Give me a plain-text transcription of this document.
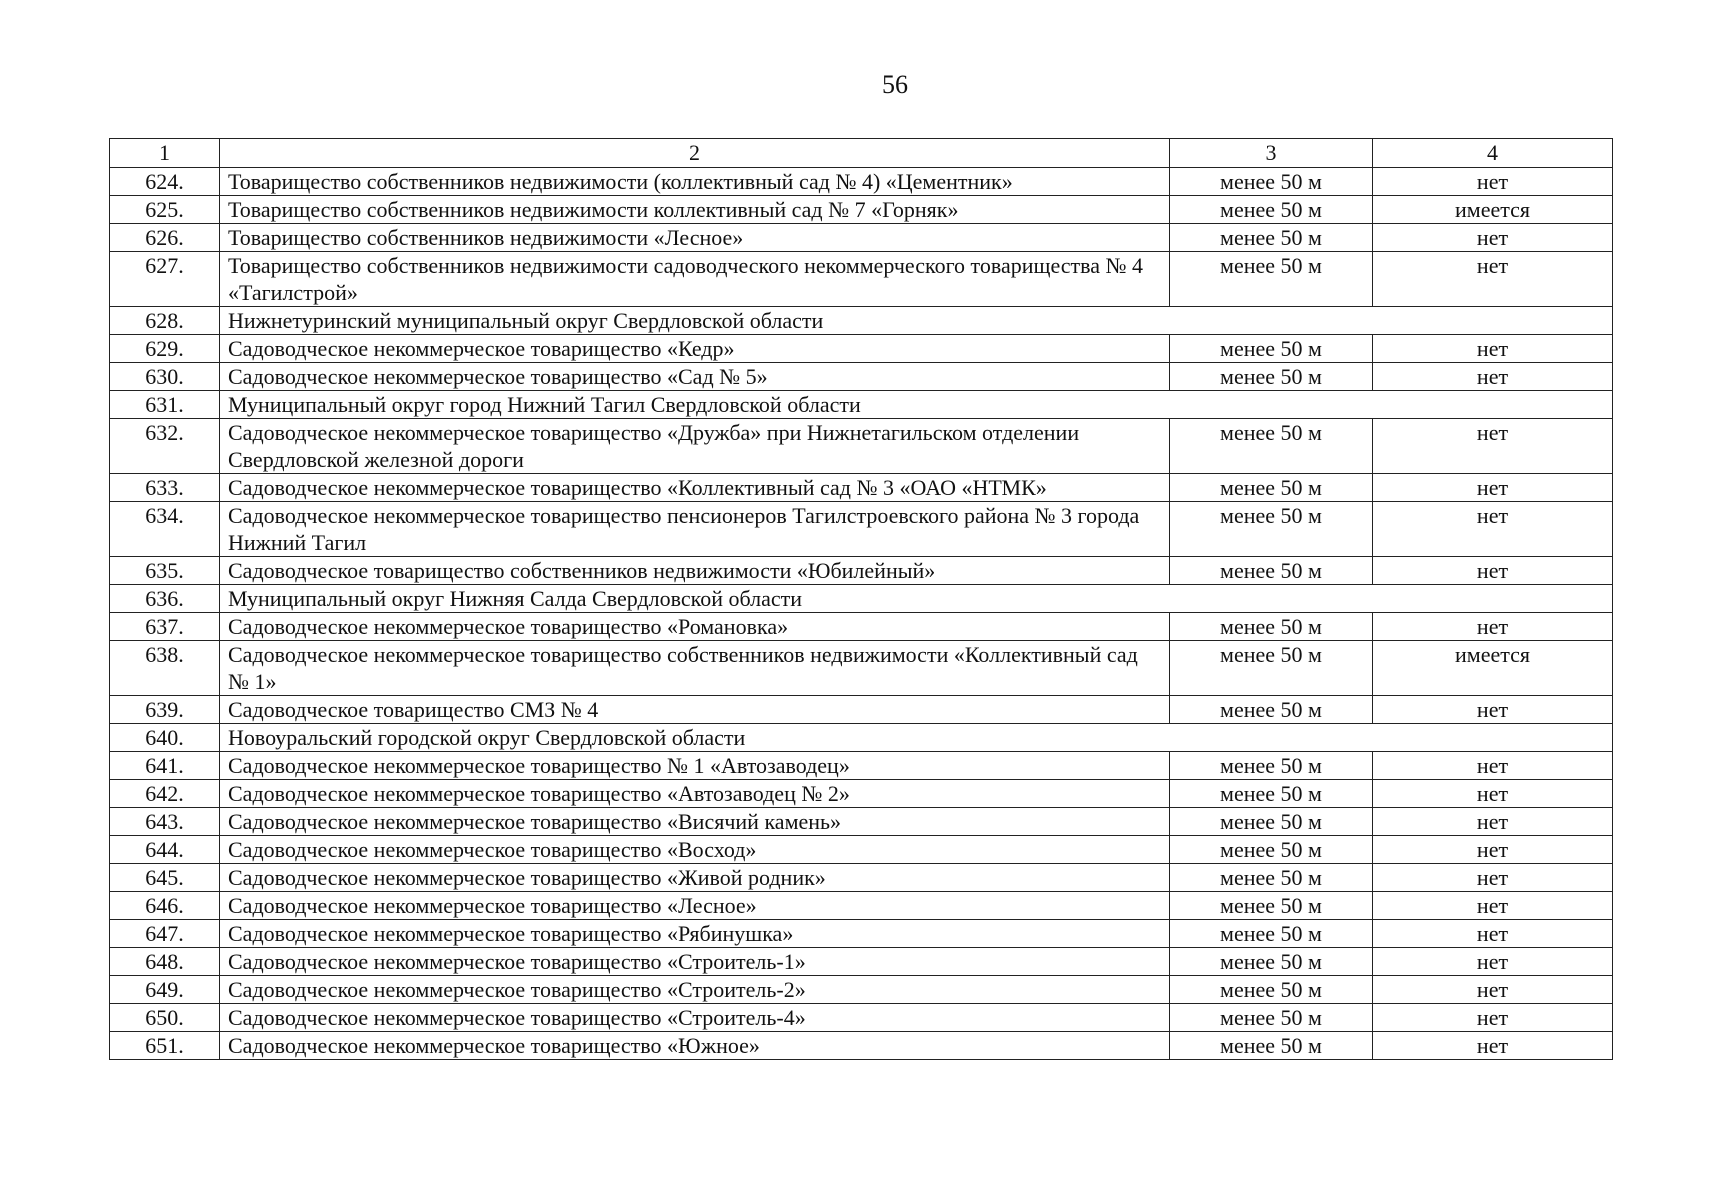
56
1	2	3	4
624.	Товарищество собственников недвижимости (коллективный сад № 4) «Цементник»	менее 50 м	нет
625.	Товарищество собственников недвижимости коллективный сад № 7 «Горняк»	менее 50 м	имеется
626.	Товарищество собственников недвижимости «Лесное»	менее 50 м	нет
627.	Товарищество собственников недвижимости садоводческого некоммерческого товарищества № 4 «Тагилстрой»	менее 50 м	нет
628.	Нижнетуринский муниципальный округ Свердловской области		
629.	Садоводческое некоммерческое товарищество «Кедр»	менее 50 м	нет
630.	Садоводческое некоммерческое товарищество «Сад № 5»	менее 50 м	нет
631.	Муниципальный округ город Нижний Тагил Свердловской области		
632.	Садоводческое некоммерческое товарищество «Дружба» при Нижнетагильском отделении Свердловской железной дороги	менее 50 м	нет
633.	Садоводческое некоммерческое товарищество «Коллективный сад № 3 «ОАО «НТМК»	менее 50 м	нет
634.	Садоводческое некоммерческое товарищество пенсионеров Тагилстроевского района № 3 города Нижний Тагил	менее 50 м	нет
635.	Садоводческое товарищество собственников недвижимости «Юбилейный»	менее 50 м	нет
636.	Муниципальный округ Нижняя Салда Свердловской области		
637.	Садоводческое некоммерческое товарищество «Романовка»	менее 50 м	нет
638.	Садоводческое некоммерческое товарищество собственников недвижимости «Коллективный сад № 1»	менее 50 м	имеется
639.	Садоводческое товарищество СМЗ № 4	менее 50 м	нет
640.	Новоуральский городской округ Свердловской области		
641.	Садоводческое некоммерческое товарищество № 1 «Автозаводец»	менее 50 м	нет
642.	Садоводческое некоммерческое товарищество «Автозаводец № 2»	менее 50 м	нет
643.	Садоводческое некоммерческое товарищество «Висячий камень»	менее 50 м	нет
644.	Садоводческое некоммерческое товарищество «Восход»	менее 50 м	нет
645.	Садоводческое некоммерческое товарищество «Живой родник»	менее 50 м	нет
646.	Садоводческое некоммерческое товарищество «Лесное»	менее 50 м	нет
647.	Садоводческое некоммерческое товарищество «Рябинушка»	менее 50 м	нет
648.	Садоводческое некоммерческое товарищество «Строитель-1»	менее 50 м	нет
649.	Садоводческое некоммерческое товарищество «Строитель-2»	менее 50 м	нет
650.	Садоводческое некоммерческое товарищество «Строитель-4»	менее 50 м	нет
651.	Садоводческое некоммерческое товарищество «Южное»	менее 50 м	нет
